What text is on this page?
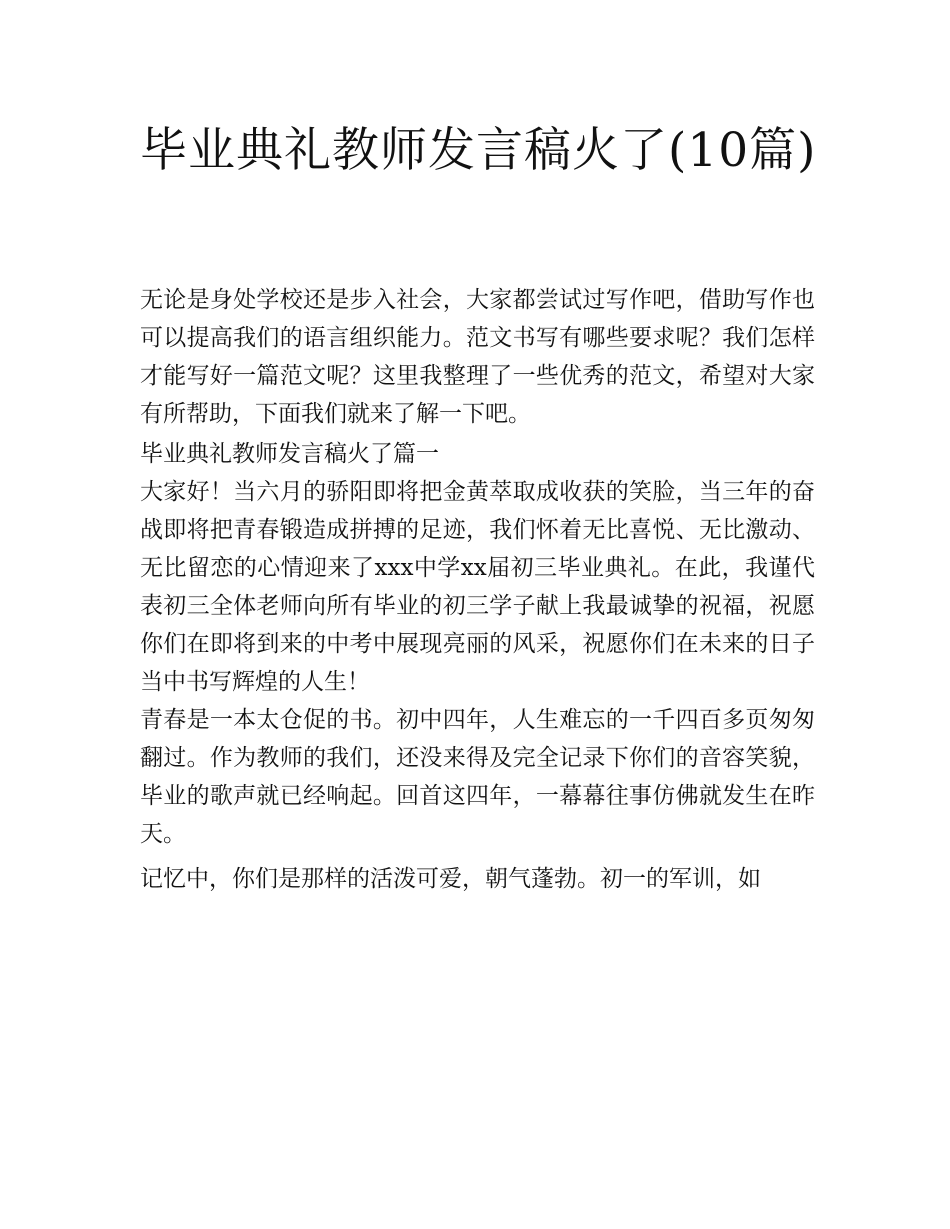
毕业典礼教师发言稿火了(10篇)

无论是身处学校还是步入社会，大家都尝试过写作吧，借助写作也可以提高我们的语言组织能力。范文书写有哪些要求呢？我们怎样才能写好一篇范文呢？这里我整理了一些优秀的范文，希望对大家有所帮助，下面我们就来了解一下吧。

毕业典礼教师发言稿火了篇一

大家好！当六月的骄阳即将把金黄萃取成收获的笑脸，当三年的奋战即将把青春锻造成拼搏的足迹，我们怀着无比喜悦、无比激动、无比留恋的心情迎来了xxx中学xx届初三毕业典礼。在此，我谨代表初三全体老师向所有毕业的初三学子献上我最诚挚的祝福，祝愿你们在即将到来的中考中展现亮丽的风采，祝愿你们在未来的日子当中书写辉煌的人生！

青春是一本太仓促的书。初中四年，人生难忘的一千四百多页匆匆翻过。作为教师的我们，还没来得及完全记录下你们的音容笑貌，毕业的歌声就已经响起。回首这四年，一幕幕往事仿佛就发生在昨天。

记忆中，你们是那样的活泼可爱，朝气蓬勃。初一的军训，如
